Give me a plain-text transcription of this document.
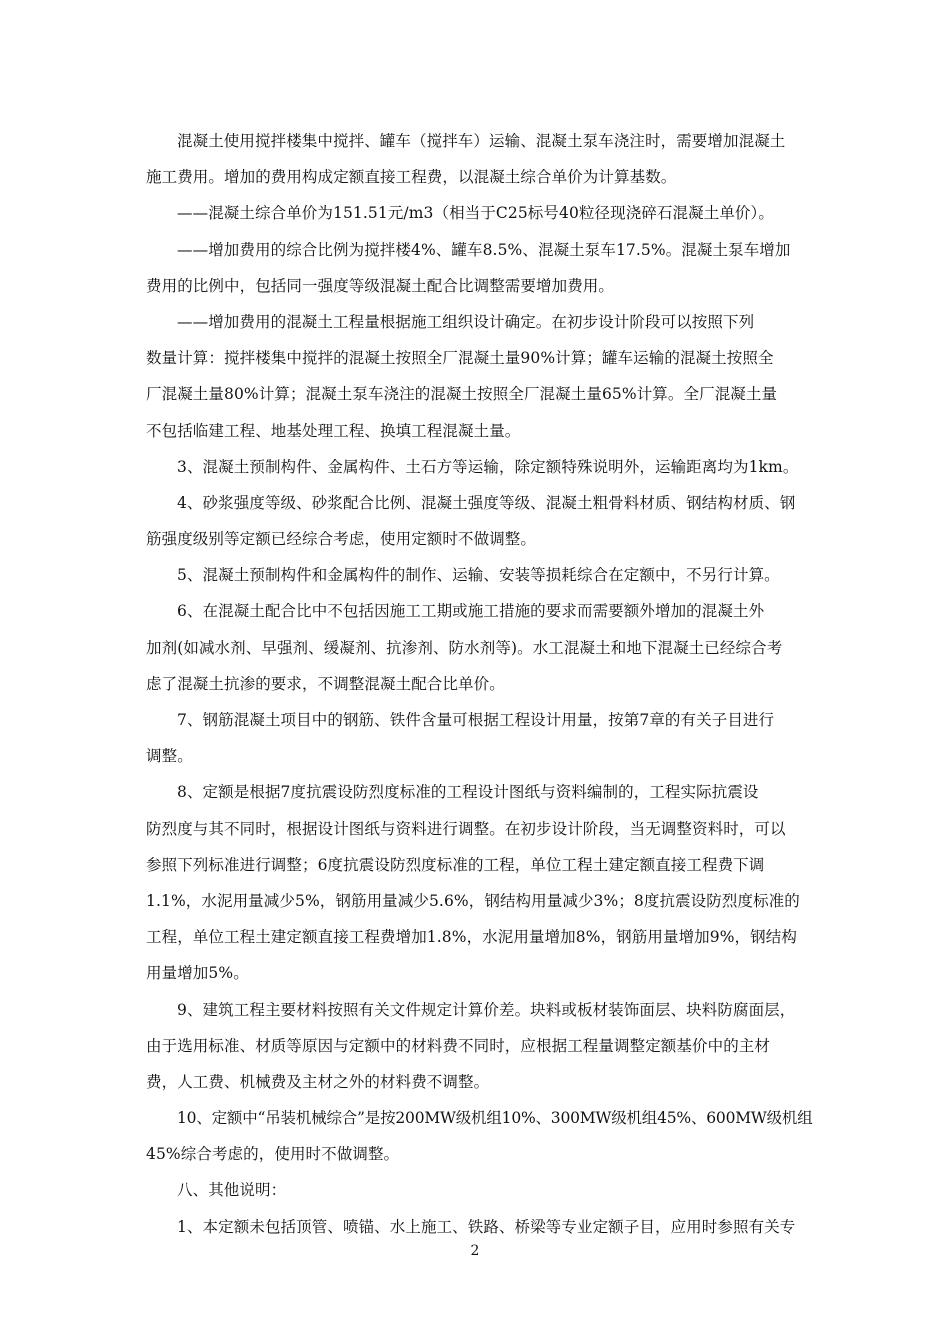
混凝土使用搅拌楼集中搅拌、罐车（搅拌车）运输、混凝土泵车浇注时，需要增加混凝土
施工费用。增加的费用构成定额直接工程费，以混凝土综合单价为计算基数。
——混凝土综合单价为151.51元/m3（相当于C25标号40粒径现浇碎石混凝土单价）。
——增加费用的综合比例为搅拌楼4%、罐车8.5%、混凝土泵车17.5%。混凝土泵车增加
费用的比例中，包括同一强度等级混凝土配合比调整需要增加费用。
——增加费用的混凝土工程量根据施工组织设计确定。在初步设计阶段可以按照下列
数量计算：搅拌楼集中搅拌的混凝土按照全厂混凝土量90%计算；罐车运输的混凝土按照全
厂混凝土量80%计算；混凝土泵车浇注的混凝土按照全厂混凝土量65%计算。全厂混凝土量
不包括临建工程、地基处理工程、换填工程混凝土量。
3、混凝土预制构件、金属构件、土石方等运输，除定额特殊说明外，运输距离均为1km。
4、砂浆强度等级、砂浆配合比例、混凝土强度等级、混凝土粗骨料材质、钢结构材质、钢
筋强度级别等定额已经综合考虑，使用定额时不做调整。
5、混凝土预制构件和金属构件的制作、运输、安装等损耗综合在定额中，不另行计算。
6、在混凝土配合比中不包括因施工工期或施工措施的要求而需要额外增加的混凝土外
加剂(如减水剂、早强剂、缓凝剂、抗渗剂、防水剂等)。水工混凝土和地下混凝土已经综合考
虑了混凝土抗渗的要求，不调整混凝土配合比单价。
7、钢筋混凝土项目中的钢筋、铁件含量可根据工程设计用量，按第7章的有关子目进行
调整。
8、定额是根据7度抗震设防烈度标准的工程设计图纸与资料编制的，工程实际抗震设
防烈度与其不同时，根据设计图纸与资料进行调整。在初步设计阶段，当无调整资料时，可以
参照下列标准进行调整；6度抗震设防烈度标准的工程，单位工程土建定额直接工程费下调
1.1%，水泥用量减少5%，钢筋用量减少5.6%，钢结构用量减少3%；8度抗震设防烈度标准的
工程，单位工程土建定额直接工程费增加1.8%，水泥用量增加8%，钢筋用量增加9%，钢结构
用量增加5%。
9、建筑工程主要材料按照有关文件规定计算价差。块料或板材装饰面层、块料防腐面层，
由于选用标准、材质等原因与定额中的材料费不同时，应根据工程量调整定额基价中的主材
费，人工费、机械费及主材之外的材料费不调整。
10、定额中“吊装机械综合”是按200MW级机组10%、300MW级机组45%、600MW级机组
45%综合考虑的，使用时不做调整。
八、其他说明：
1、本定额未包括顶管、喷锚、水上施工、铁路、桥梁等专业定额子目，应用时参照有关专
2
